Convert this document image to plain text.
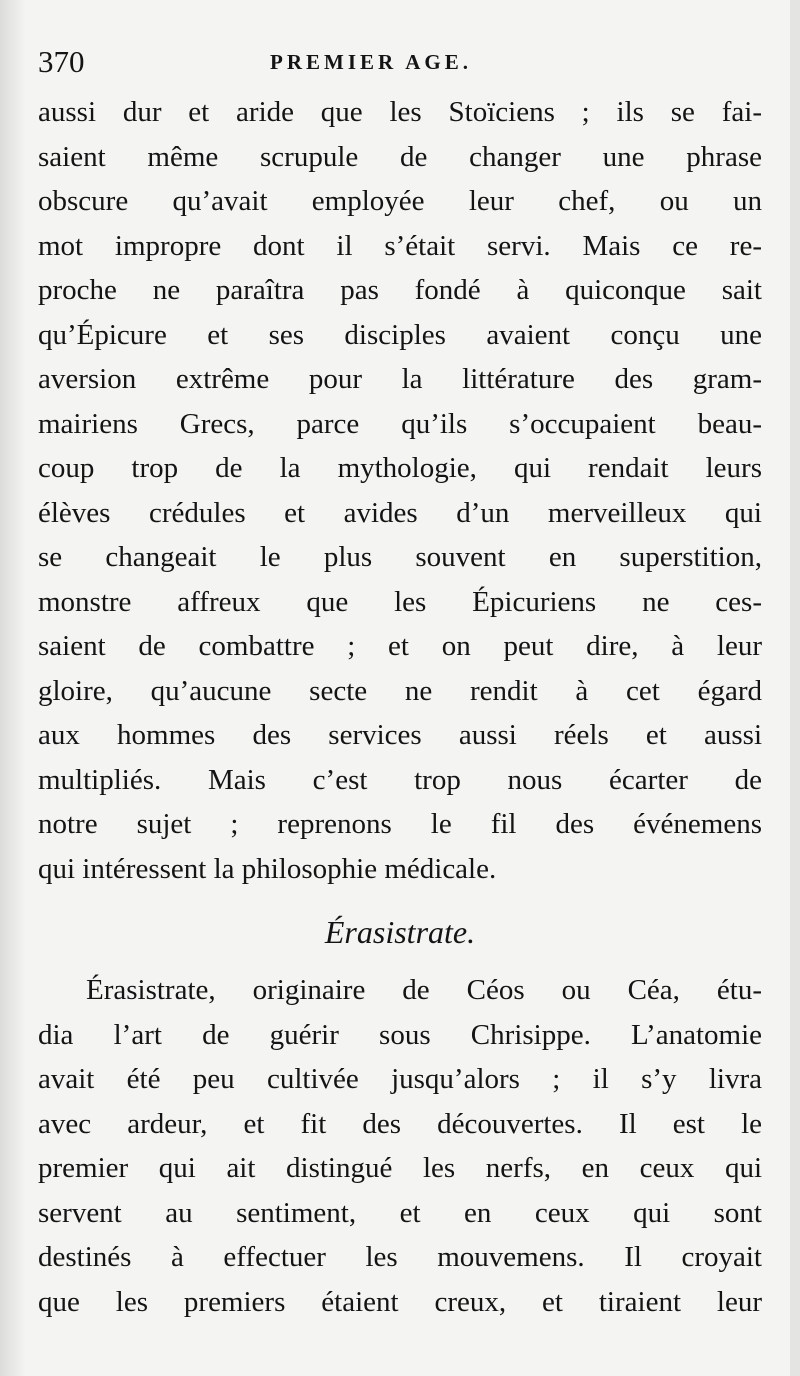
370	PREMIER AGE.
aussi dur et aride que les Stoïciens ; ils se fai-
saient même scrupule de changer une phrase
obscure qu’avait employée leur chef, ou un
mot impropre dont il s’était servi. Mais ce re-
proche ne paraîtra pas fondé à quiconque sait
qu’Épicure et ses disciples avaient conçu une
aversion extrême pour la littérature des gram-
mairiens Grecs, parce qu’ils s’occupaient beau-
coup trop de la mythologie, qui rendait leurs
élèves crédules et avides d’un merveilleux qui
se changeait le plus souvent en superstition,
monstre affreux que les Épicuriens ne ces-
saient de combattre ; et on peut dire, à leur
gloire, qu’aucune secte ne rendit à cet égard
aux hommes des services aussi réels et aussi
multipliés. Mais c’est trop nous écarter de
notre sujet ; reprenons le fil des événemens
qui intéressent la philosophie médicale.
Érasistrate.
Érasistrate, originaire de Céos ou Céa, étu-
dia l’art de guérir sous Chrisippe. L’anatomie
avait été peu cultivée jusqu’alors ; il s’y livra
avec ardeur, et fit des découvertes. Il est le
premier qui ait distingué les nerfs, en ceux qui
servent au sentiment, et en ceux qui sont
destinés à effectuer les mouvemens. Il croyait
que les premiers étaient creux, et tiraient leur
